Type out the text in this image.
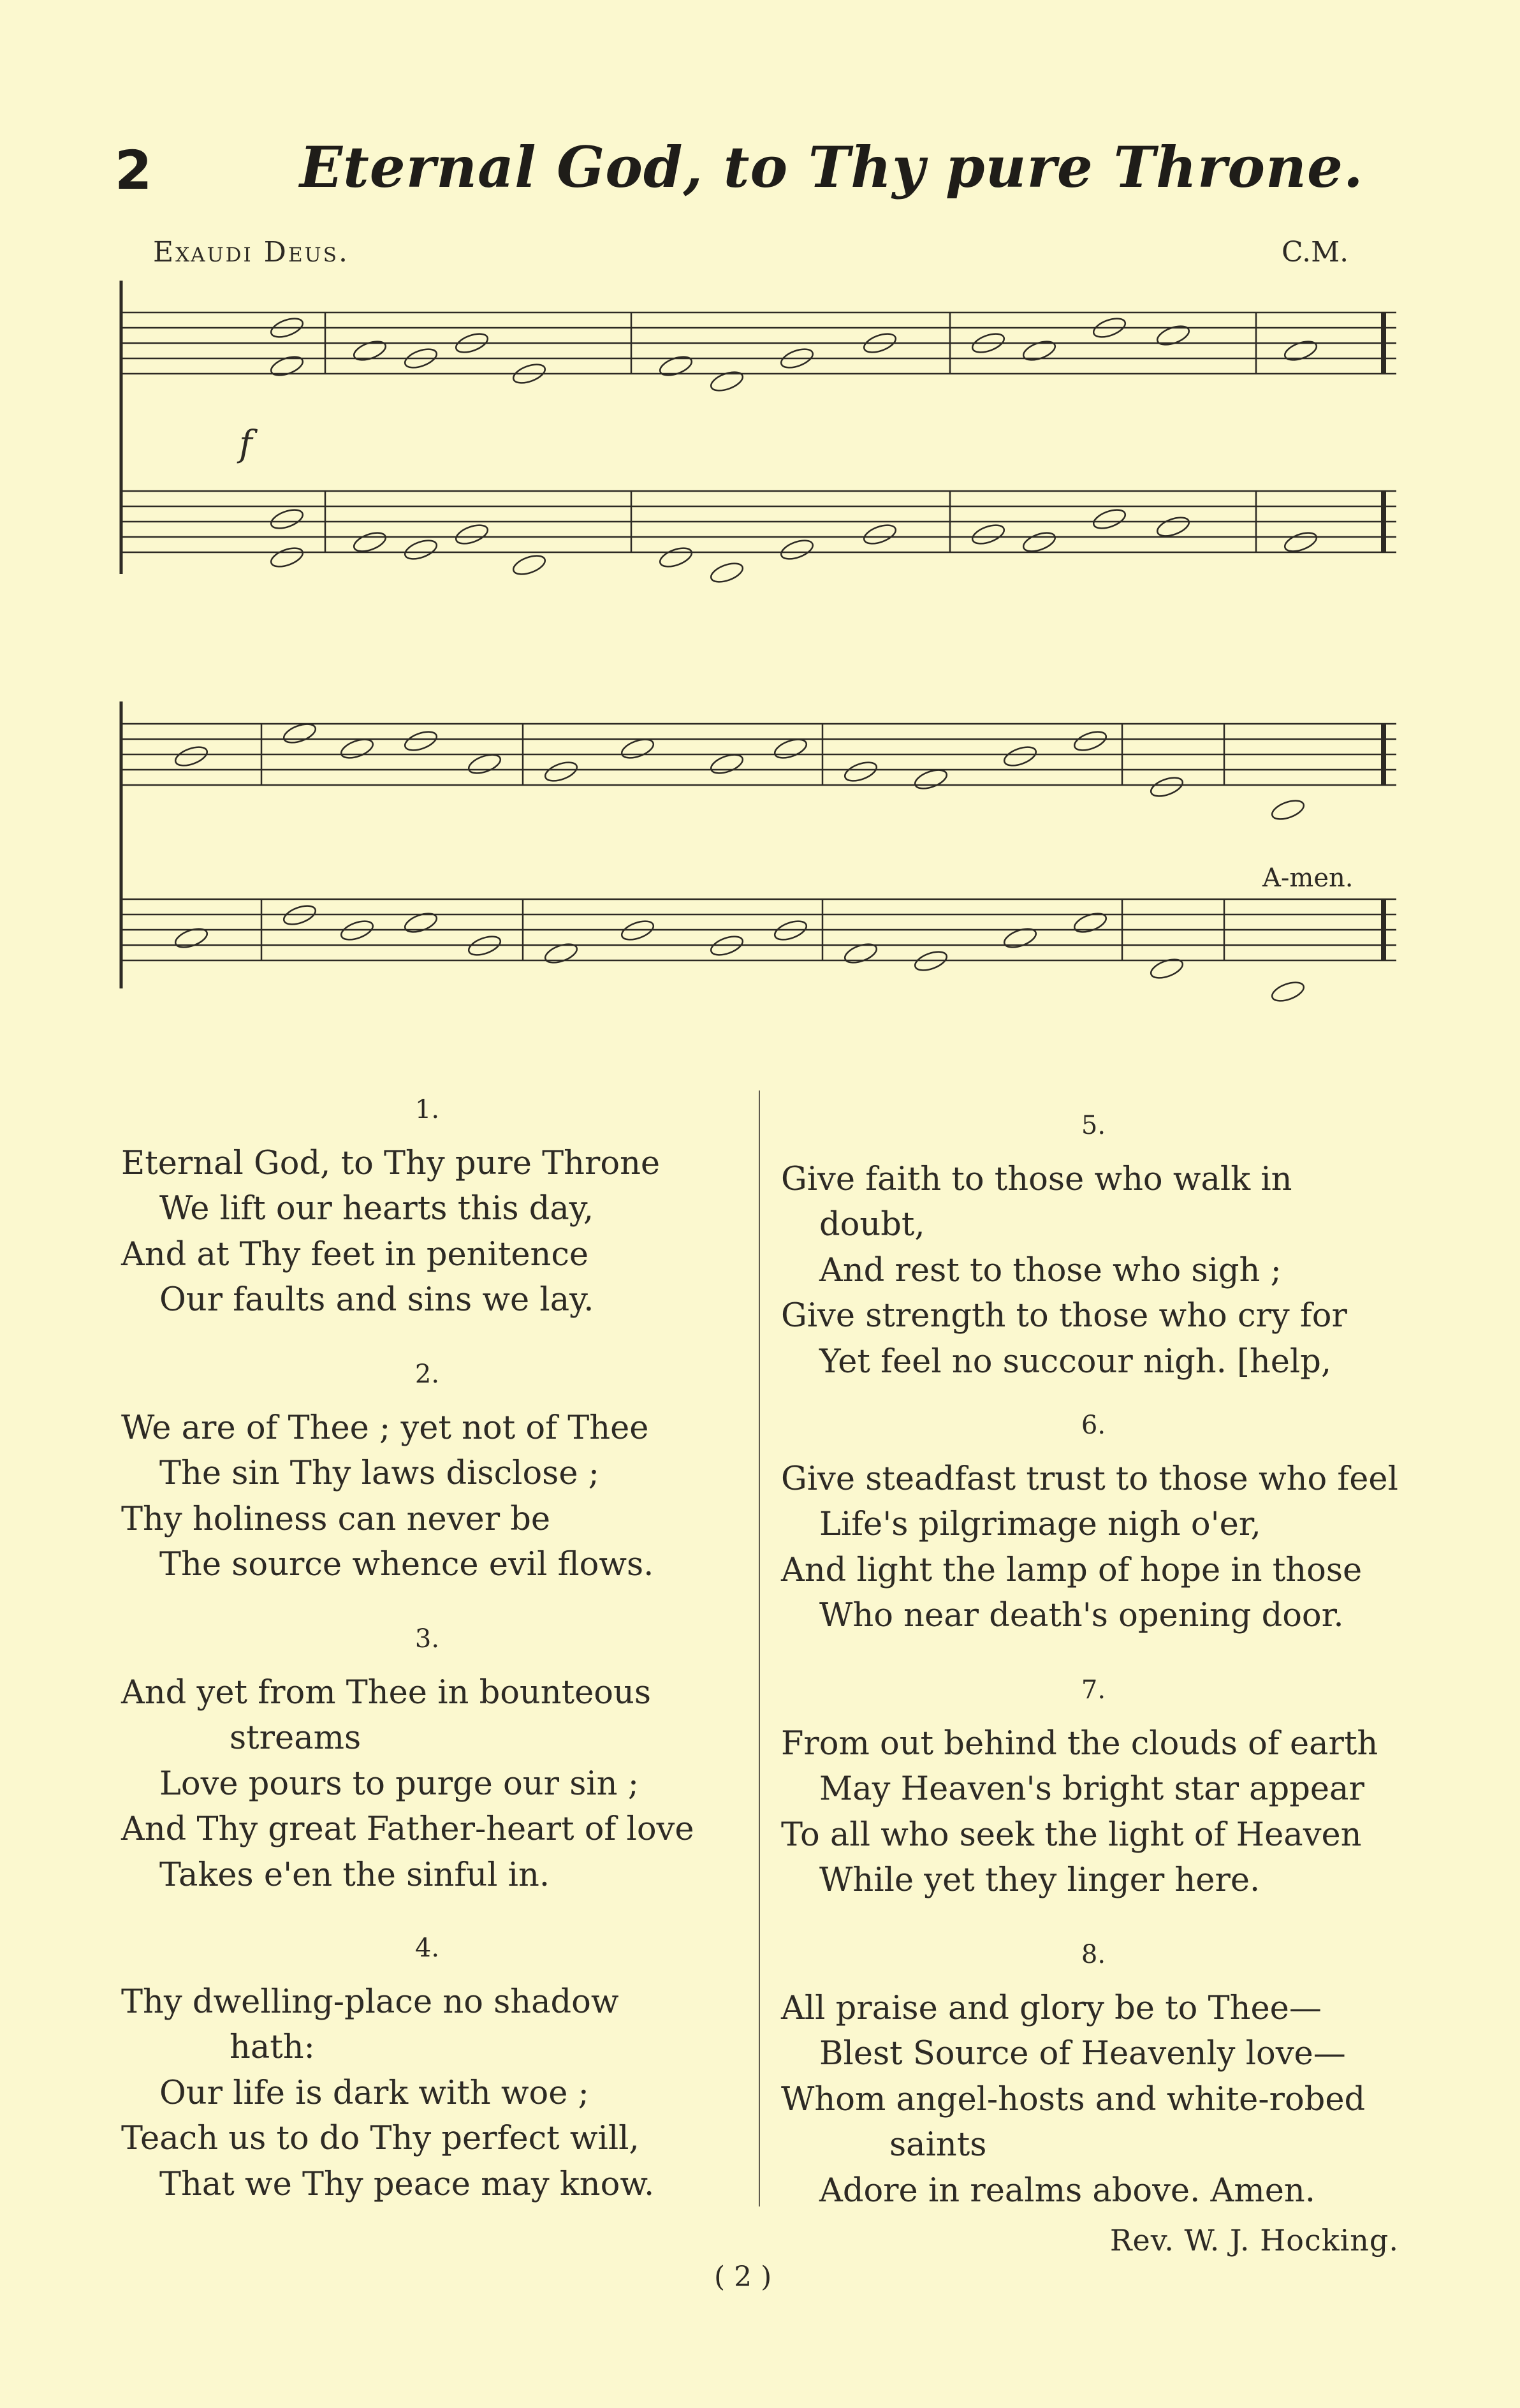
2	Eternal God, to Thy pure Throne.
Exaudi Deus.	C.M.
A-men.
f
1.
Eternal God, to Thy pure Throne
We lift our hearts this day,
And at Thy feet in penitence
Our faults and sins we lay.
2.
We are of Thee ; yet not of Thee
The sin Thy laws disclose ;
Thy holiness can never be
The source whence evil flows.
3.
And yet from Thee in bounteous
streams
Love pours to purge our sin ;
And Thy great Father-heart of love
Takes e'en the sinful in.
4.
Thy dwelling-place no shadow
hath:
Our life is dark with woe ;
Teach us to do Thy perfect will,
That we Thy peace may know.
5.
Give faith to those who walk in
doubt,
And rest to those who sigh ;
Give strength to those who cry for
Yet feel no succour nigh. [help,
6.
Give steadfast trust to those who feel
Life's pilgrimage nigh o'er,
And light the lamp of hope in those
Who near death's opening door.
7.
From out behind the clouds of earth
May Heaven's bright star appear
To all who seek the light of Heaven
While yet they linger here.
8.
All praise and glory be to Thee—
Blest Source of Heavenly love—
Whom angel-hosts and white-robed
saints
Adore in realms above. Amen.
Rev. W. J. Hocking.
( 2 )
